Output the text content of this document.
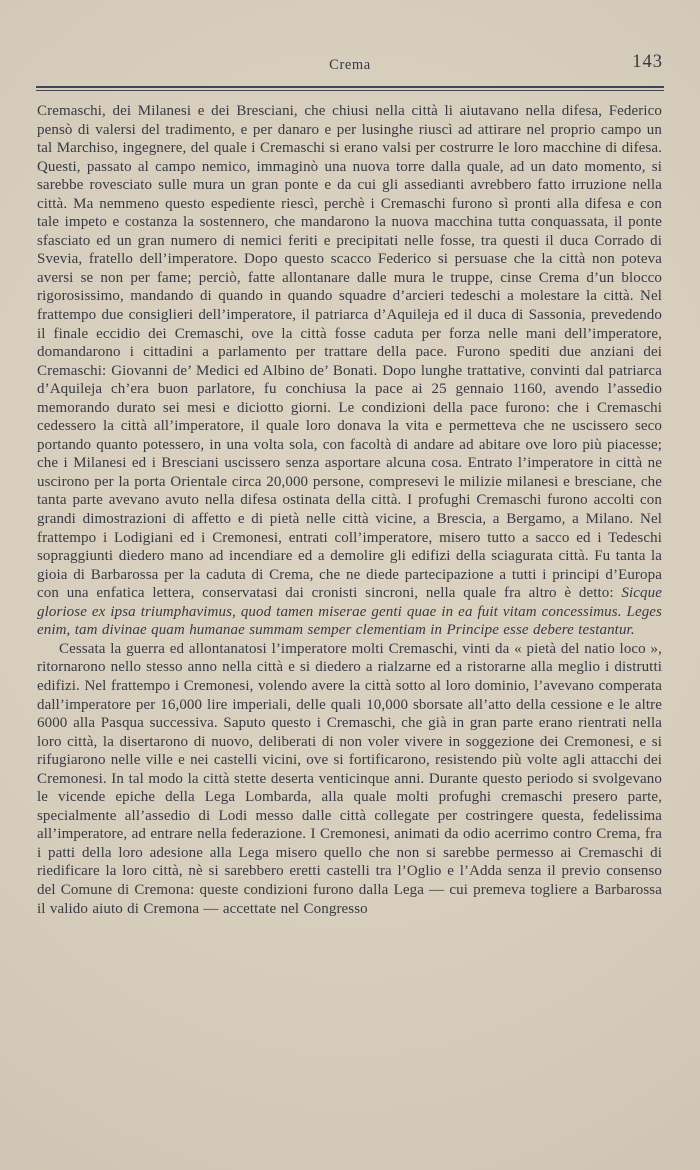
Crema	143

Cremaschi, dei Milanesi e dei Bresciani, che chiusi nella città li aiutavano nella difesa, Federico pensò di valersi del tradimento, e per danaro e per lusinghe riuscì ad attirare nel proprio campo un tal Marchiso, ingegnere, del quale i Cremaschi si erano valsi per costrurre le loro macchine di difesa. Questi, passato al campo nemico, immaginò una nuova torre dalla quale, ad un dato momento, si sarebbe rovesciato sulle mura un gran ponte e da cui gli assedianti avrebbero fatto irruzione nella città. Ma nemmeno questo espediente riescì, perchè i Cremaschi furono sì pronti alla difesa e con tale impeto e costanza la sostennero, che mandarono la nuova macchina tutta conquassata, il ponte sfasciato ed un gran numero di nemici feriti e precipitati nelle fosse, tra questi il duca Corrado di Svevia, fratello dell’imperatore. Dopo questo scacco Federico si persuase che la città non poteva aversi se non per fame; perciò, fatte allontanare dalle mura le truppe, cinse Crema d’un blocco rigorosissimo, mandando di quando in quando squadre d’arcieri tedeschi a molestare la città. Nel frattempo due consiglieri dell’imperatore, il patriarca d’Aquileja ed il duca di Sassonia, prevedendo il finale eccidio dei Cremaschi, ove la città fosse caduta per forza nelle mani dell’imperatore, domandarono i cittadini a parlamento per trattare della pace. Furono spediti due anziani dei Cremaschi: Giovanni de’ Medici ed Albino de’ Bonati. Dopo lunghe trattative, convinti dal patriarca d’Aquileja ch’era buon parlatore, fu conchiusa la pace ai 25 gennaio 1160, avendo l’assedio memorando durato sei mesi e diciotto giorni. Le condizioni della pace furono: che i Cremaschi cedessero la città all’imperatore, il quale loro donava la vita e permetteva che ne uscissero seco portando quanto potessero, in una volta sola, con facoltà di andare ad abitare ove loro più piacesse; che i Milanesi ed i Bresciani uscissero senza asportare alcuna cosa. Entrato l’imperatore in città ne uscirono per la porta Orientale circa 20,000 persone, compresevi le milizie milanesi e bresciane, che tanta parte avevano avuto nella difesa ostinata della città. I profughi Cremaschi furono accolti con grandi dimostrazioni di affetto e di pietà nelle città vicine, a Brescia, a Bergamo, a Milano. Nel frattempo i Lodigiani ed i Cremonesi, entrati coll’imperatore, misero tutto a sacco ed i Tedeschi sopraggiunti diedero mano ad incendiare ed a demolire gli edifizi della sciagurata città. Fu tanta la gioia di Barbarossa per la caduta di Crema, che ne diede partecipazione a tutti i principi d’Europa con una enfatica lettera, conservatasi dai cronisti sincroni, nella quale fra altro è detto: Sicque gloriose ex ipsa triumphavimus, quod tamen miserae genti quae in ea fuit vitam concessimus. Leges enim, tam divinae quam humanae summam semper clementiam in Principe esse debere testantur.

Cessata la guerra ed allontanatosi l’imperatore molti Cremaschi, vinti da « pietà del natio loco », ritornarono nello stesso anno nella città e si diedero a rialzarne ed a ristorarne alla meglio i distrutti edifizi. Nel frattempo i Cremonesi, volendo avere la città sotto al loro dominio, l’avevano comperata dall’imperatore per 16,000 lire imperiali, delle quali 10,000 sborsate all’atto della cessione e le altre 6000 alla Pasqua successiva. Saputo questo i Cremaschi, che già in gran parte erano rientrati nella loro città, la disertarono di nuovo, deliberati di non voler vivere in soggezione dei Cremonesi, e si rifugiarono nelle ville e nei castelli vicini, ove si fortificarono, resistendo più volte agli attacchi dei Cremonesi. In tal modo la città stette deserta venticinque anni. Durante questo periodo si svolgevano le vicende epiche della Lega Lombarda, alla quale molti profughi cremaschi presero parte, specialmente all’assedio di Lodi messo dalle città collegate per costringere questa, fedelissima all’imperatore, ad entrare nella federazione. I Cremonesi, animati da odio acerrimo contro Crema, fra i patti della loro adesione alla Lega misero quello che non si sarebbe permesso ai Cremaschi di riedificare la loro città, nè si sarebbero eretti castelli tra l’Oglio e l’Adda senza il previo consenso del Comune di Cremona: queste condizioni furono dalla Lega — cui premeva togliere a Barbarossa il valido aiuto di Cremona — accettate nel Congresso
